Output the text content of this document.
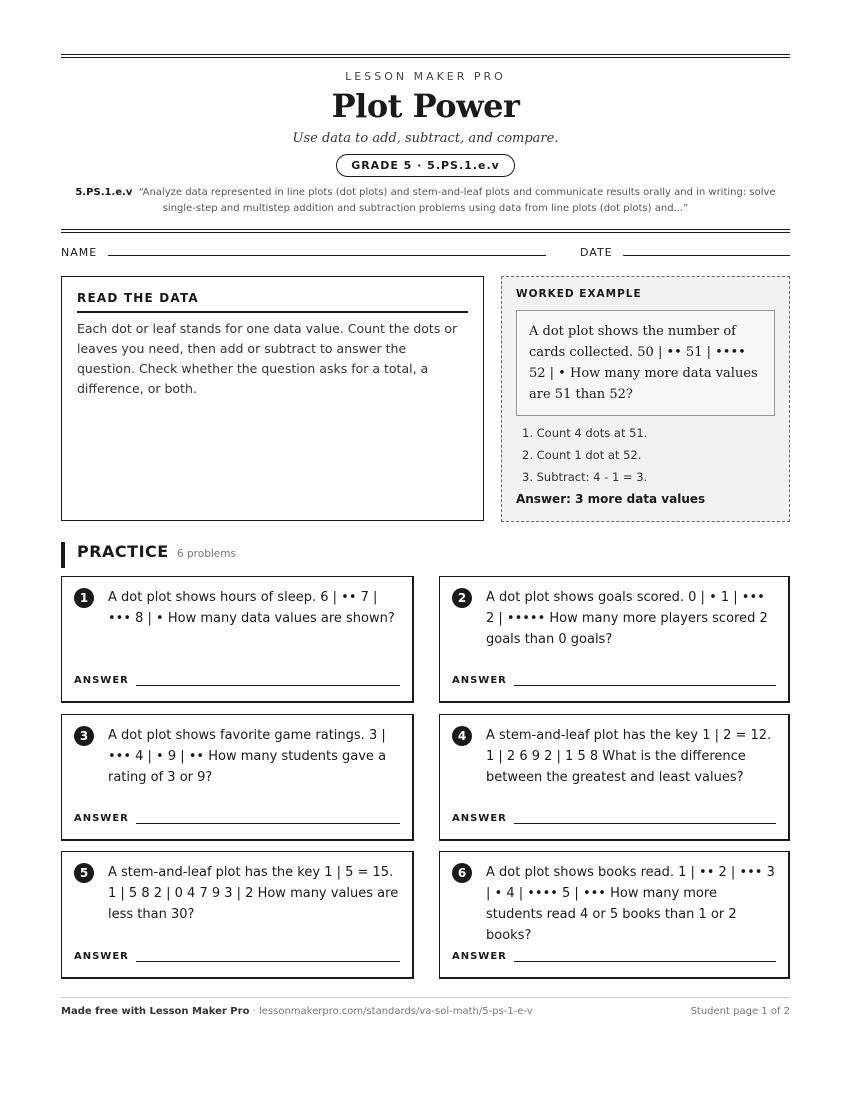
LESSON MAKER PRO
Plot Power
Use data to add, subtract, and compare.
GRADE 5 · 5.PS.1.e.v
5.PS.1.e.v “Analyze data represented in line plots (dot plots) and stem-and-leaf plots and communicate results orally and in writing: solve single-step and multistep addition and subtraction problems using data from line plots (dot plots) and...”
NAME	DATE
READ THE DATA
Each dot or leaf stands for one data value. Count the dots or leaves you need, then add or subtract to answer the question. Check whether the question asks for a total, a difference, or both.
WORKED EXAMPLE
A dot plot shows the number of cards collected. 50 | •• 51 | •••• 52 | • How many more data values are 51 than 52?
1. Count 4 dots at 51.
2. Count 1 dot at 52.
3. Subtract: 4 - 1 = 3.
Answer: 3 more data values
PRACTICE 6 problems
1	A dot plot shows hours of sleep. 6 | •• 7 | ••• 8 | • How many data values are shown?
ANSWER
2	A dot plot shows goals scored. 0 | • 1 | ••• 2 | ••••• How many more players scored 2 goals than 0 goals?
ANSWER
3	A dot plot shows favorite game ratings. 3 | ••• 4 | • 9 | •• How many students gave a rating of 3 or 9?
ANSWER
4	A stem-and-leaf plot has the key 1 | 2 = 12. 1 | 2 6 9 2 | 1 5 8 What is the difference between the greatest and least values?
ANSWER
5	A stem-and-leaf plot has the key 1 | 5 = 15. 1 | 5 8 2 | 0 4 7 9 3 | 2 How many values are less than 30?
ANSWER
6	A dot plot shows books read. 1 | •• 2 | ••• 3 | • 4 | •••• 5 | ••• How many more students read 4 or 5 books than 1 or 2 books?
ANSWER
Made free with Lesson Maker Pro · lessonmakerpro.com/standards/va-sol-math/5-ps-1-e-v	Student page 1 of 2
